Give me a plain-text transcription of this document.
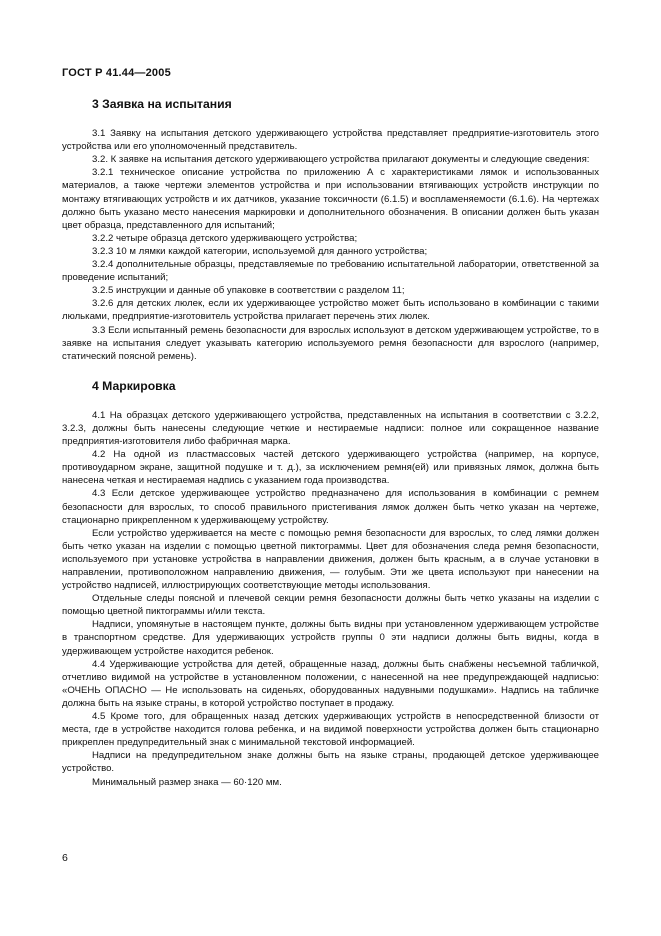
ГОСТ Р 41.44—2005
3 Заявка на испытания

3.1 Заявку на испытания детского удерживающего устройства представляет предприятие-изготовитель этого устройства или его уполномоченный представитель.

3.2. К заявке на испытания детского удерживающего устройства прилагают документы и следующие сведения:

3.2.1 техническое описание устройства по приложению А с характеристиками лямок и использованных материалов, а также чертежи элементов устройства и при использовании втягивающих устройств инструкции по монтажу втягивающих устройств и их датчиков, указание токсичности (6.1.5) и воспламеняемости (6.1.6). На чертежах должно быть указано место нанесения маркировки и дополнительного обозначения. В описании должен быть указан цвет образца, представленного для испытаний;

3.2.2 четыре образца детского удерживающего устройства;

3.2.3 10 м лямки каждой категории, используемой для данного устройства;

3.2.4 дополнительные образцы, представляемые по требованию испытательной лаборатории, ответственной за проведение испытаний;

3.2.5 инструкции и данные об упаковке в соответствии с разделом 11;

3.2.6 для детских люлек, если их удерживающее устройство может быть использовано в комбинации с такими люльками, предприятие-изготовитель устройства прилагает перечень этих люлек.

3.3 Если испытанный ремень безопасности для взрослых используют в детском удерживающем устройстве, то в заявке на испытания следует указывать категорию используемого ремня безопасности для взрослого (например, статический поясной ремень).

4 Маркировка

4.1 На образцах детского удерживающего устройства, представленных на испытания в соответствии с 3.2.2, 3.2.3, должны быть нанесены следующие четкие и нестираемые надписи: полное или сокращенное название предприятия-изготовителя либо фабричная марка.

4.2 На одной из пластмассовых частей детского удерживающего устройства (например, на корпусе, противоударном экране, защитной подушке и т. д.), за исключением ремня(ей) или привязных лямок, должна быть нанесена четкая и нестираемая надпись с указанием года производства.

4.3 Если детское удерживающее устройство предназначено для использования в комбинации с ремнем безопасности для взрослых, то способ правильного пристегивания лямок должен быть четко указан на чертеже, стационарно прикрепленном к удерживающему устройству.

Если устройство удерживается на месте с помощью ремня безопасности для взрослых, то след лямки должен быть четко указан на изделии с помощью цветной пиктограммы. Цвет для обозначения следа ремня безопасности, используемого при установке устройства в направлении движения, должен быть красным, а в случае установки в направлении, противоположном направлению движения, — голубым. Эти же цвета используют при нанесении на устройство надписей, иллюстрирующих соответствующие методы использования.

Отдельные следы поясной и плечевой секции ремня безопасности должны быть четко указаны на изделии с помощью цветной пиктограммы и/или текста.

Надписи, упомянутые в настоящем пункте, должны быть видны при установленном удерживающем устройстве в транспортном средстве. Для удерживающих устройств группы 0 эти надписи должны быть видны, когда в удерживающем устройстве находится ребенок.

4.4 Удерживающие устройства для детей, обращенные назад, должны быть снабжены несъемной табличкой, отчетливо видимой на устройстве в установленном положении, с нанесенной на нее предупреждающей надписью: «ОЧЕНЬ ОПАСНО — Не использовать на сиденьях, оборудованных надувными подушками». Надпись на табличке должна быть на языке страны, в которой устройство поступает в продажу.

4.5 Кроме того, для обращенных назад детских удерживающих устройств в непосредственной близости от места, где в устройстве находится голова ребенка, и на видимой поверхности устройства должен быть стационарно прикреплен предупредительный знак с минимальной текстовой информацией.

Надписи на предупредительном знаке должны быть на языке страны, продающей детское удерживающее устройство.

Минимальный размер знака — 60·120 мм.

6
